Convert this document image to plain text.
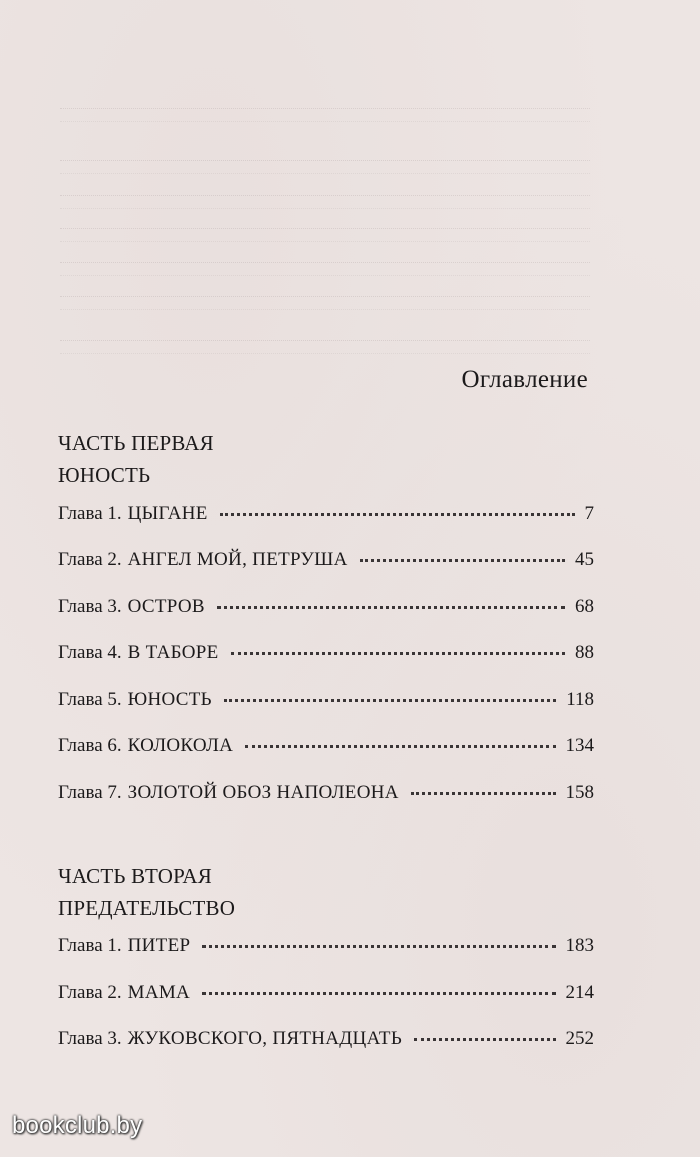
Оглавление
ЧАСТЬ ПЕРВАЯ
ЮНОСТЬ
Глава 1. ЦЫГАНЕ	7
Глава 2. АНГЕЛ МОЙ, ПЕТРУША	45
Глава 3. ОСТРОВ	68
Глава 4. В ТАБОРЕ	88
Глава 5. ЮНОСТЬ	118
Глава 6. КОЛОКОЛА	134
Глава 7. ЗОЛОТОЙ ОБОЗ НАПОЛЕОНА	158
ЧАСТЬ ВТОРАЯ
ПРЕДАТЕЛЬСТВО
Глава 1. ПИТЕР	183
Глава 2. МАМА	214
Глава 3. ЖУКОВСКОГО, ПЯТНАДЦАТЬ	252
bookclub.by
